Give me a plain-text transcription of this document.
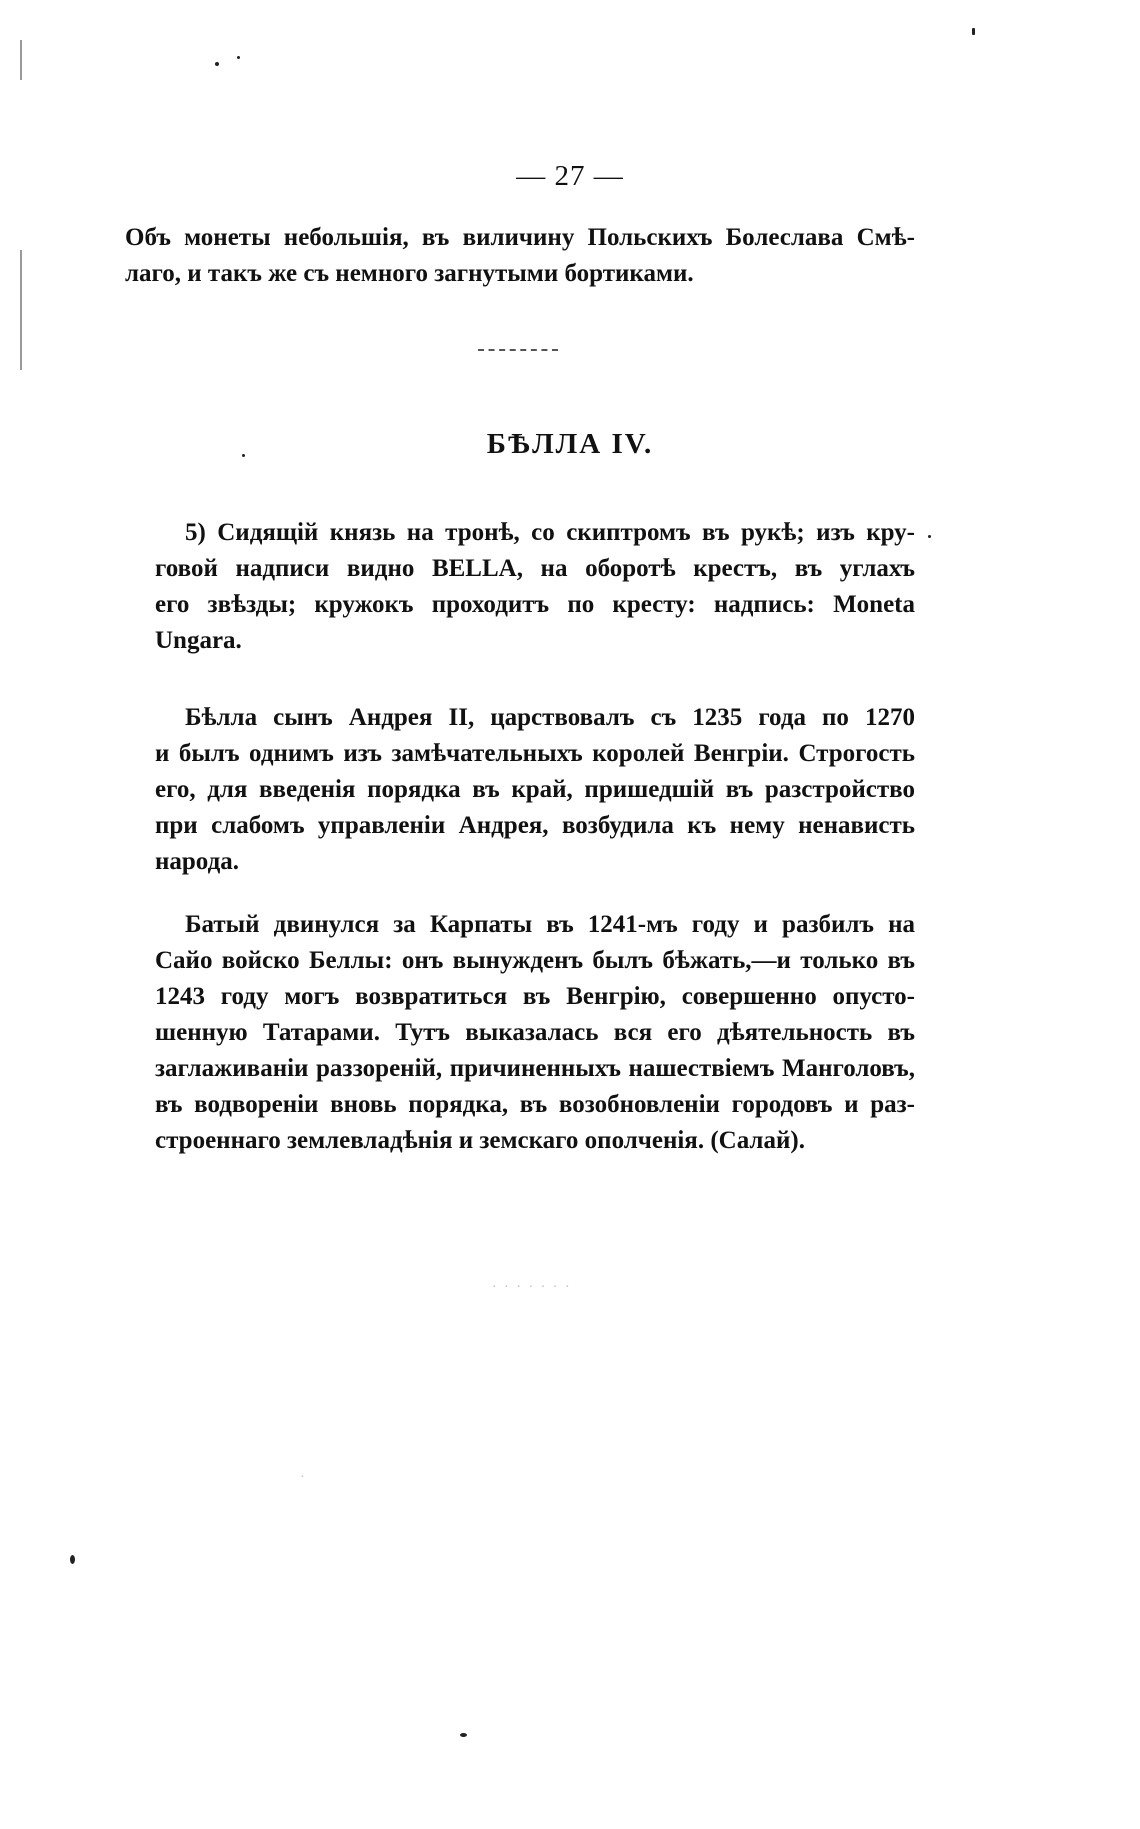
· · · · · · ·
·
— 27 —

Объ монеты небольшія, въ виличину Польскихъ Болеслава Смѣ-
лаго, и такъ же съ немного загнутыми бортиками.

БѢЛЛА IV.

5) Сидящій князь на тронѣ, со скиптромъ въ рукѣ; изъ кру-
говой надписи видно BELLA, на оборотѣ крестъ, въ углахъ
его звѣзды; кружокъ проходитъ по кресту: надпись: Moneta
Ungara.

Бѣлла сынъ Андрея II, царствовалъ съ 1235 года по 1270
и былъ однимъ изъ замѣчательныхъ королей Венгріи. Строгость
его, для введенія порядка въ край, пришедшій въ разстройство
при слабомъ управленіи Андрея, возбудила къ нему ненависть
народа.

Батый двинулся за Карпаты въ 1241-мъ году и разбилъ на
Сайо войско Беллы: онъ вынужденъ былъ бѣжать,—и только въ
1243 году могъ возвратиться въ Венгрію, совершенно опусто-
шенную Татарами. Тутъ выказалась вся его дѣятельность въ
заглаживаніи раззореній, причиненныхъ нашествіемъ Манголовъ,
въ водвореніи вновь порядка, въ возобновленіи городовъ и раз-
строеннаго землевладѣнія и земскаго ополченія. (Салай).
